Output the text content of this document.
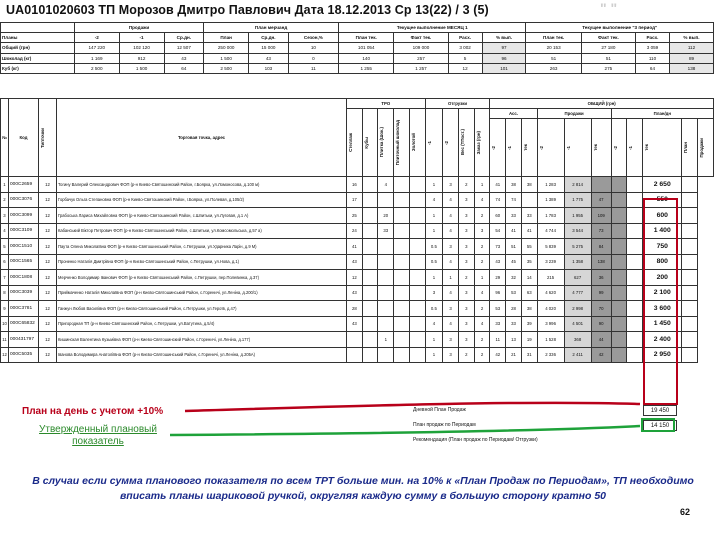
UA0101020603 ТП Морозов Дмитро Павлович Дата 18.12.2013 Ср 13(22) / 3 (5)	" "
	Продажи			План мерчанд			Текущее выполнение МЕСЯЦ 1				Текущее выполнение "3 период"			
Планы	-2	-1	Ср.дн.	План	Ср.дн.	Сезон,%	План тек.	Факт тек.	Расх.	% вып.	План тек.	Факт тек.	Расх.	% вып.
Общий (грн)	147 220	102 120	12 507	250 000	15 000	10	101 054	109 000	3 002	97	20 153	27 180	3 059	112
Шоколад (кг)	1 169	912	43	1 500	43	0	140	257	5	96	51	51	110	89
Куб (кг)	2 500	1 500	64	2 500	103	11	1 255	1 257	12	101	263	275	64	138
№	Код	Типточки	Торговая точка, адрес	ТРО					Отгрузки				ОБЩИЙ (грн)										

				Стеллаж	Кубы	Плитка (Шок.)	Плиточный шоколад	Золотой	-1	-2	Вес (ТПост.)	Заказ (грн)	Асс.			Продажи			План/дн				

													-2	-1	тек	-2	-1	тек	-2	-1	тек	План	Продажи

1	000C2659	12	Тогину Валерий Олександрович ФОП (р-н Киево-Святошинский Район, г.Боярка, ул.Ломоносова, д.100 м)	16		4			1	3	2	1	41	38	38	1 283	2 814				2 650		
2	000C3076	12	Горбачук Ольга Степановна ФОП (р-н Киево-Святошинский Район, г.Боярка, ул.Полевая, д.105/2)	17					4	4	3	4	74	74		1 389	1 775	47			550		
3	000C3099	12	Грабоська Лариса Михайловна ФОП (р-н Киево-Святошинский Район, с.Шпитьки, ул.Луговая, д.1 А)	25		20			1	4	3	2	60	33	33	1 783	1 955	109			600		
4	000C3109	12	Кабанський Віктор Петрович ФОП (р-н Києво-Святошинський Район, с.Шпитьки, ул.Комсомольська, д.57 а)	24		33			1	4	3	3	54	41	41	4 744	3 544	73			1 400		
5	000C1510	12	Паута Олена Миколаївна ФОП (р-н Києво-Святошинський Район, с.Петрушки, ул.Ударника Ларін, д.9 М)	41					0.5	3	3	2	73	51	55	5 839	5 275	84			750		
6	000C1565	12	Проненко Наталія Дмитрівна ФОП (р-н Києво-Святошинський Район, с.Петрушки, ул.Нова, д.1)	43					0.5	4	3	2	43	45	35	3 239	1 358	138			800		
7	000C1808	12	Мерченко Володимир Іванович ФОП (р-н Києво-Святошинський Район, с.Петрушки, пер.Полевинка, д.37)	12					1	1	2	1	29	32	14	215	627	36			200		
8	000C3039	12	Приймаченко Наталія Миколаївна ФОП (р-н Києво-Святошинський Район, с.Гореничі, ул.Леніна, д.200/1)	43					3	4	3	4	96	53	63	4 620	4 777	99			2 100		
9	000C3781	12	Ганжун Любов Василівна ФОП (р-н Києво-Святошинський Район, с.Петрушки, ул.Героїв, д.47)	28					0.5	3	3	2	53	28	38	4 020	2 998	70			3 600		
10	000C65832	12	Пригородная ТП (р-н Киево-Святошинский Район, с.Петрушки, ул.Ватутина, д.5/4)	43					4	4	3	4	33	33	39	3 996	4 501	90			1 450		
11	000431797	12	Кишинская Валентина Кузьмівна ФОП (р-н Киево-Святошинский Район, с.Гореничі, ул.Леніна, д.177)			1			1	3	3	2	11	13	19	1 528	368	44			2 400		
12	000C5035	12	Іванова Володимира Анатоліївна ФОП (р-н Києво-Святошинський Район, с.Гореничі, ул.Леніна, д.205А)						1	3	2	2	42	21	31	2 336	2 411	42			2 950		
Дневной План Продаж	19 450
План продаж по Периодам	14 150
Рекомендация (План продаж по Периодам/ Отгрузки)
План на день с учетом +10%
Утвержденный плановый показатель
В случаи если сумма планового показателя по всем ТРТ больше мин. на 10% к «План Продаж по Периодам», ТП необходимо вписать планы шариковой ручкой, округляя каждую сумму в большую сторону кратно 50
62
